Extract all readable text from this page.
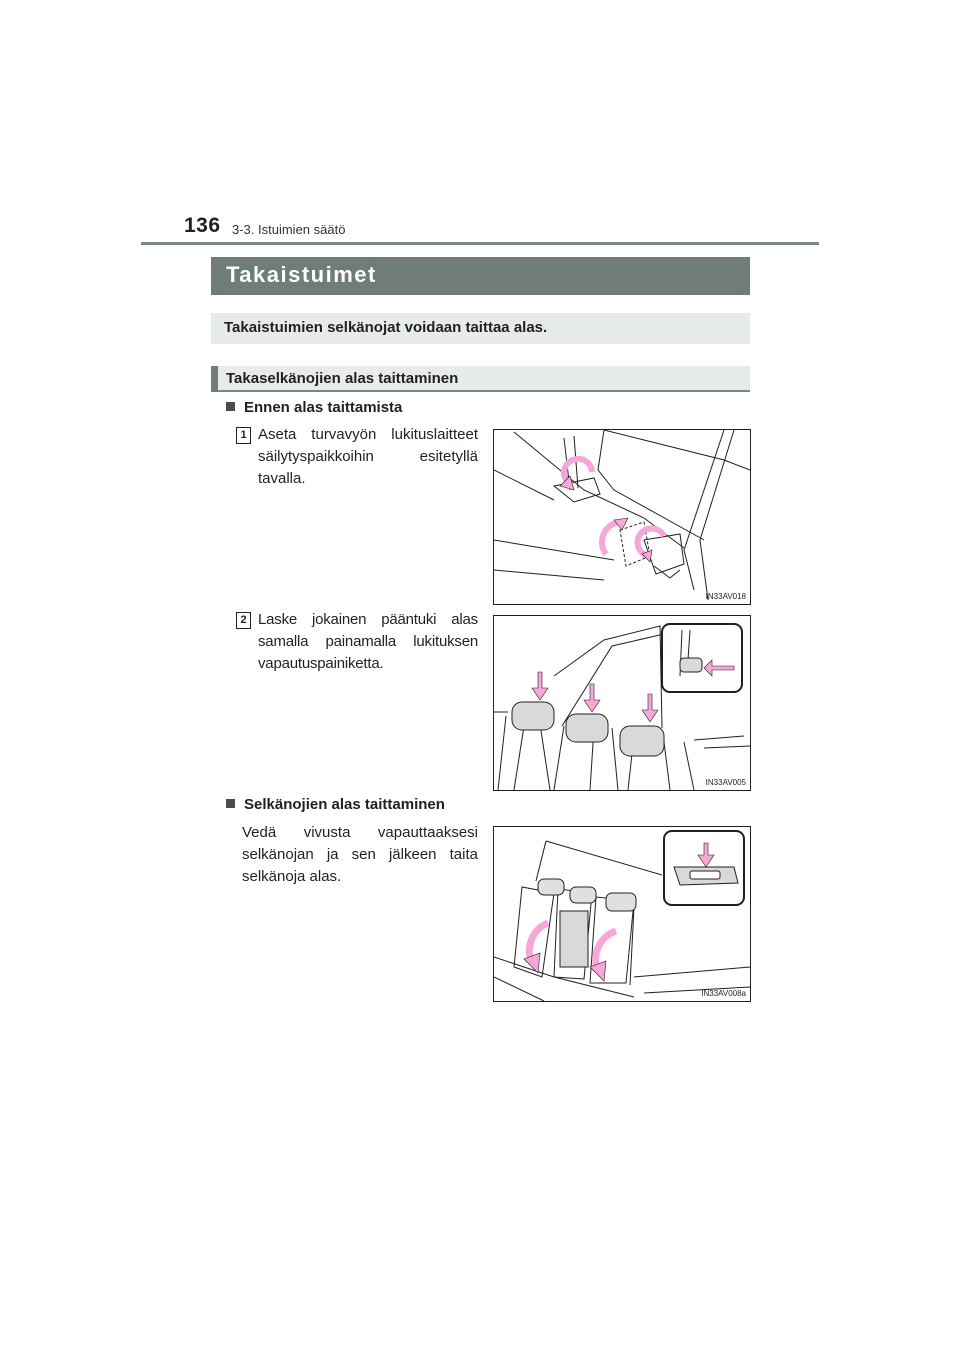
136 3-3. Istuimien säätö
Takaistuimet
Takaistuimien selkänojat voidaan taittaa alas.
Takaselkänojien alas taittaminen
Ennen alas taittamista
1 Aseta turvavyön lukituslaitteet säilytyspaikkoihin esitetyllä tavalla.
IN33AV018
2 Laske jokainen pääntuki alas samalla painamalla lukituksen vapautuspainiketta.
IN33AV005
Selkänojien alas taittaminen
Vedä vivusta vapauttaaksesi selkänojan ja sen jälkeen taita selkänoja alas.
IN33AV008a
